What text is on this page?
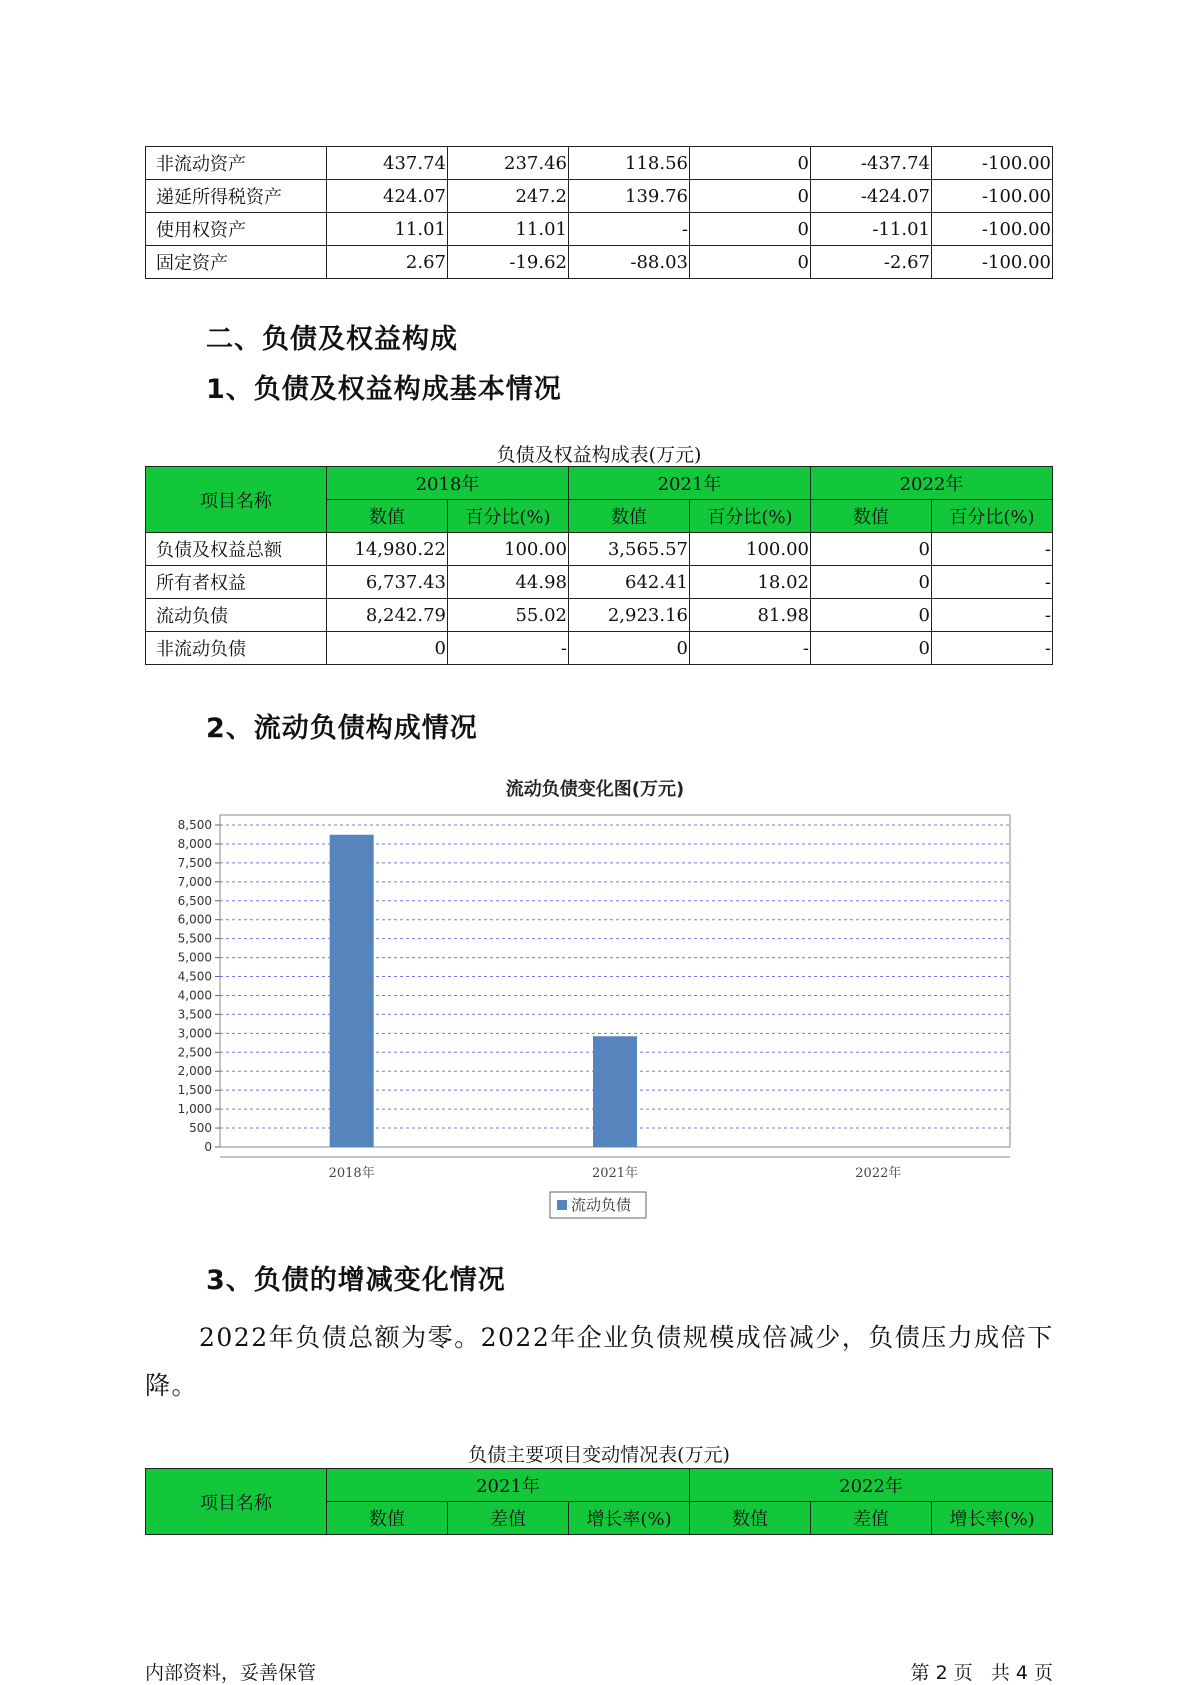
非流动资产	437.74	237.46	118.56	0	-437.74	-100.00
递延所得税资产	424.07	247.2	139.76	0	-424.07	-100.00
使用权资产	11.01	11.01	-	0	-11.01	-100.00
固定资产	2.67	-19.62	-88.03	0	-2.67	-100.00
二、负债及权益构成
1、负债及权益构成基本情况
负债及权益构成表(万元)
项目名称	2018年		2021年		2022年	
	数值	百分比(%)	数值	百分比(%)	数值	百分比(%)
负债及权益总额	14,980.22	100.00	3,565.57	100.00	0	-
所有者权益	6,737.43	44.98	642.41	18.02	0	-
流动负债	8,242.79	55.02	2,923.16	81.98	0	-
非流动负债	0	-	0	-	0	-
2、流动负债构成情况
流动负债变化图(万元)
0
500
1,000
1,500
2,000
2,500
3,000
3,500
4,000
4,500
5,000
5,500
6,000
6,500
7,000
7,500
8,000
8,500
2018年	2021年	2022年
流动负债
3、负债的增减变化情况
2022年负债总额为零。2022年企业负债规模成倍减少，负债压力成倍下降。
负债主要项目变动情况表(万元)
项目名称	2021年			2022年		
	数值	差值	增长率(%)	数值	差值	增长率(%)
内部资料，妥善保管	第 2 页   共 4 页
